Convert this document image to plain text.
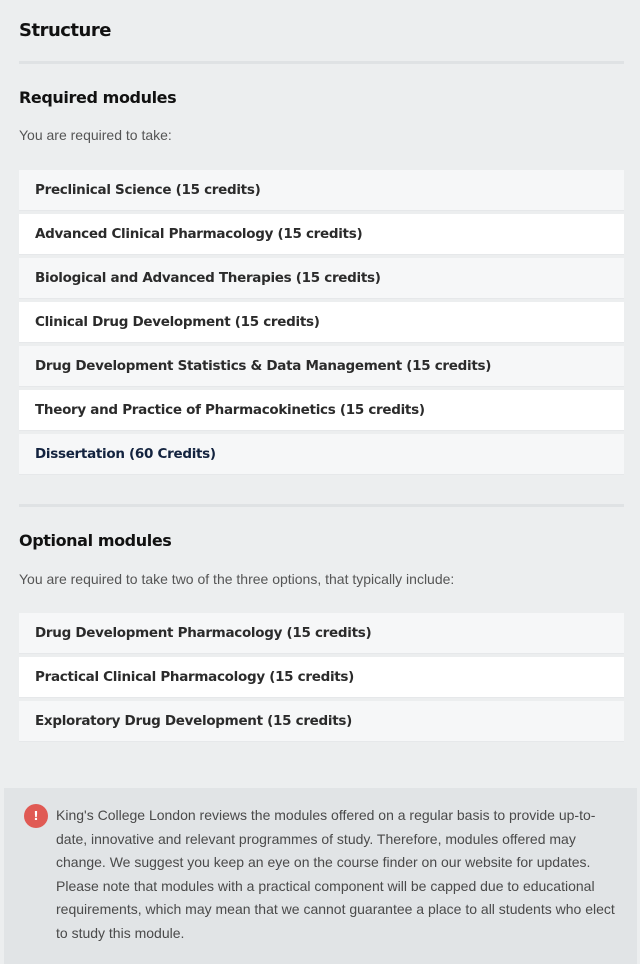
Structure
Required modules

You are required to take:

Preclinical Science (15 credits)
Advanced Clinical Pharmacology (15 credits)
Biological and Advanced Therapies (15 credits)
Clinical Drug Development (15 credits)
Drug Development Statistics & Data Management (15 credits)
Theory and Practice of Pharmacokinetics (15 credits)
Dissertation (60 Credits)
Optional modules

You are required to take two of the three options, that typically include:

Drug Development Pharmacology (15 credits)
Practical Clinical Pharmacology (15 credits)
Exploratory Drug Development (15 credits)
!	King's College London reviews the modules offered on a regular basis to provide up-to-date, innovative and relevant programmes of study. Therefore, modules offered may change. We suggest you keep an eye on the course finder on our website for updates.
Please note that modules with a practical component will be capped due to educational requirements, which may mean that we cannot guarantee a place to all students who elect to study this module.
